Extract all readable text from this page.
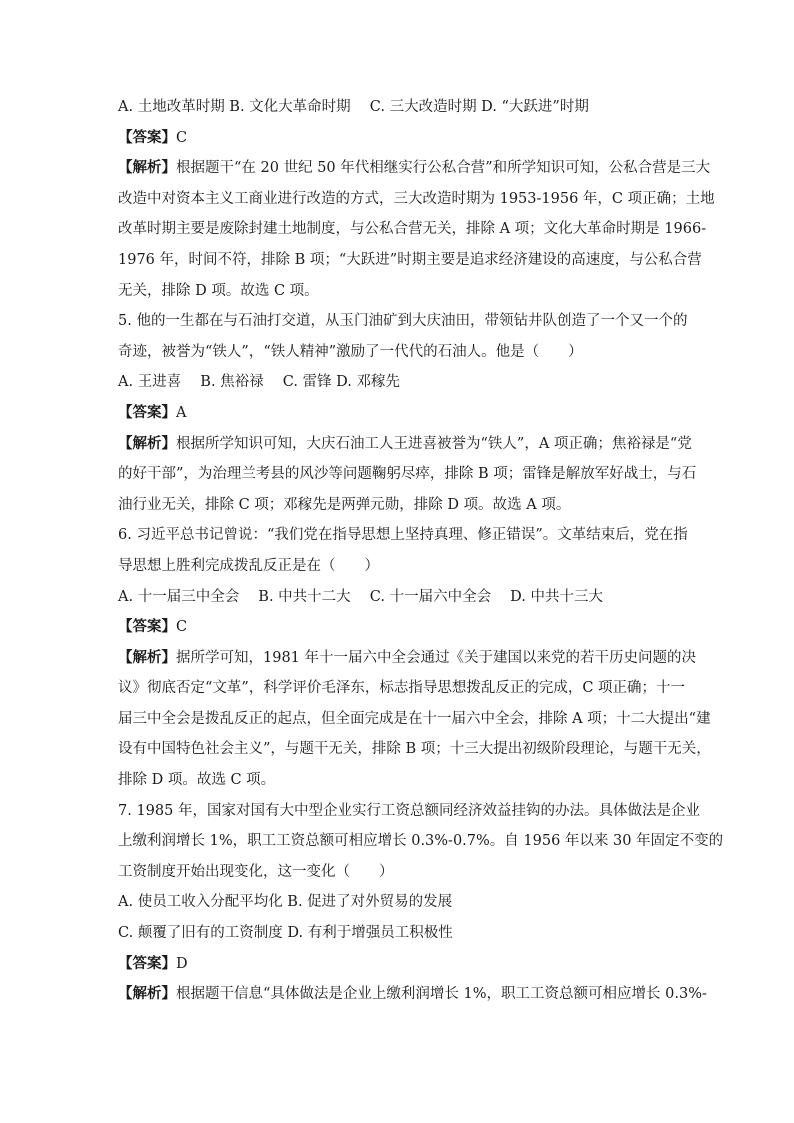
A. 土地改革时期 B. 文化大革命时期　 C. 三大改造时期 D. “大跃进”时期
【答案】C
【解析】根据题干“在 20 世纪 50 年代相继实行公私合营”和所学知识可知，公私合营是三大
改造中对资本主义工商业进行改造的方式，三大改造时期为 1953-1956 年，C 项正确；土地
改革时期主要是废除封建土地制度，与公私合营无关，排除 A 项；文化大革命时期是 1966-
1976 年，时间不符，排除 B 项；“大跃进”时期主要是追求经济建设的高速度，与公私合营
无关，排除 D 项。故选 C 项。
5. 他的一生都在与石油打交道，从玉门油矿到大庆油田，带领钻井队创造了一个又一个的
奇迹，被誉为“铁人”，“铁人精神”激励了一代代的石油人。他是（　　）
A. 王进喜　 B. 焦裕禄　 C. 雷锋 D. 邓稼先
【答案】A
【解析】根据所学知识可知，大庆石油工人王进喜被誉为“铁人”，A 项正确；焦裕禄是“党
的好干部”，为治理兰考县的风沙等问题鞠躬尽瘁，排除 B 项；雷锋是解放军好战士，与石
油行业无关，排除 C 项；邓稼先是两弹元勋，排除 D 项。故选 A 项。
6. 习近平总书记曾说：“我们党在指导思想上坚持真理、修正错误”。文革结束后，党在指
导思想上胜利完成拨乱反正是在（　　）
A. 十一届三中全会　 B. 中共十二大　 C. 十一届六中全会　 D. 中共十三大
【答案】C
【解析】据所学可知，1981 年十一届六中全会通过《关于建国以来党的若干历史问题的决
议》彻底否定“文革”，科学评价毛泽东，标志指导思想拨乱反正的完成，C 项正确；十一
届三中全会是拨乱反正的起点，但全面完成是在十一届六中全会，排除 A 项；十二大提出“建
设有中国特色社会主义”，与题干无关，排除 B 项；十三大提出初级阶段理论，与题干无关，
排除 D 项。故选 C 项。
7. 1985 年，国家对国有大中型企业实行工资总额同经济效益挂钩的办法。具体做法是企业
上缴利润增长 1%，职工工资总额可相应增长 0.3%-0.7%。自 1956 年以来 30 年固定不变的
工资制度开始出现变化，这一变化（　　）
A. 使员工收入分配平均化 B. 促进了对外贸易的发展
C. 颠覆了旧有的工资制度 D. 有利于增强员工积极性
【答案】D
【解析】根据题干信息“具体做法是企业上缴利润增长 1%，职工工资总额可相应增长 0.3%-
